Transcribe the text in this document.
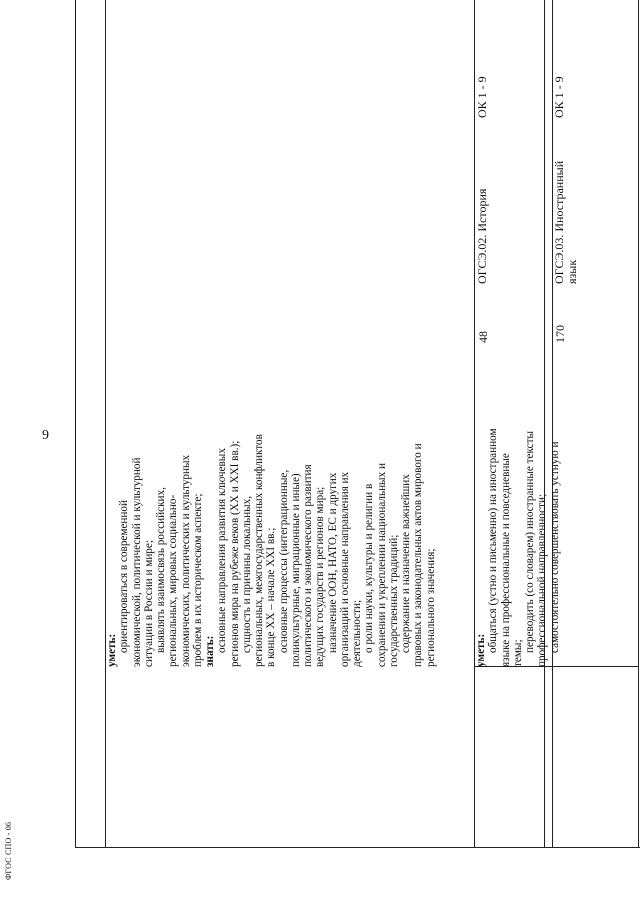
9
уметь: ориентироваться в современной экономической, политической и культурной ситуации в России и мире; выявлять взаимосвязь российских, региональных, мировых социально- экономических, политических и культурных проблем в их историческом аспекте; знать: основные направления развития ключевых регионов мира на рубеже веков (XX и XXI вв.); сущность и причины локальных, региональных, межгосударственных конфликтов в конце XX – начале XXI вв.; основные процессы (интеграционные, поликультурные, миграционные и иные) политического и экономического развития ведущих государств и регионов мира; назначение ООН, НАТО, ЕС и других организаций и основные направления их деятельности; о роли науки, культуры и религии в сохранении и укреплении национальных и государственных традиций; содержание и назначение важнейших правовых и законодательных актов мирового и регионального значения;
48
ОГСЭ.02. История
ОК 1 - 9
уметь: общаться (устно и письменно) на иностранном языке на профессиональные и повседневные темы;
переводить (со словарем) иностранные тексты профессиональной направленности; самостоятельно совершенствовать устную и
170
ОГСЭ.03. Иностранный язык
ОК 1 - 9
ФГОС СПО - 06
